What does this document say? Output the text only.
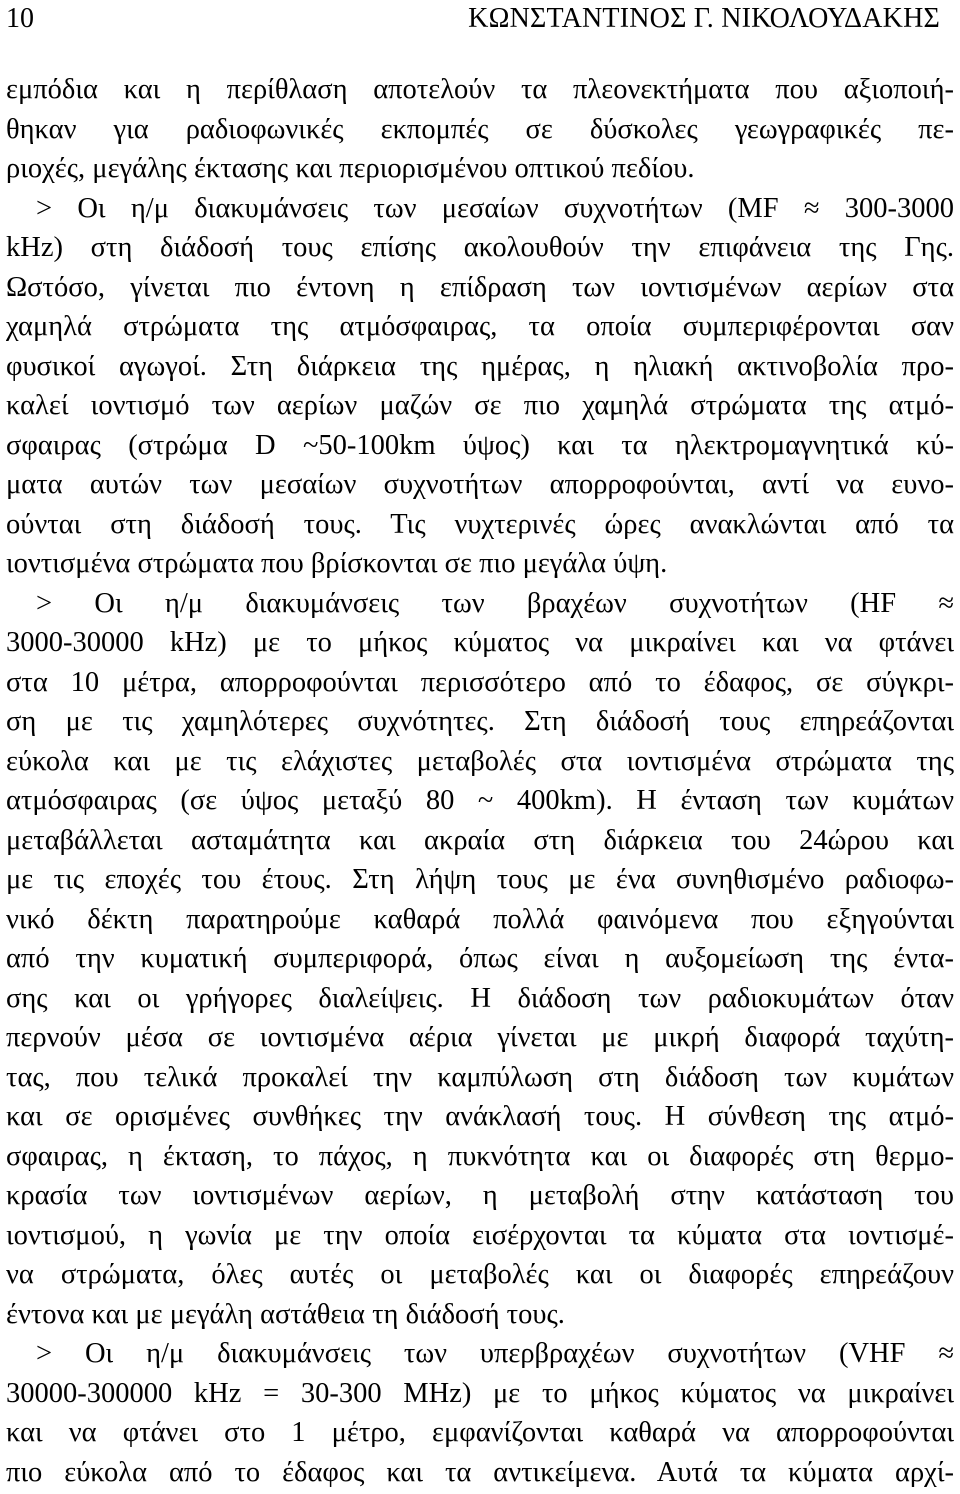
10	ΚΩΝΣΤΑΝΤΙΝΟΣ Γ. ΝΙΚΟΛΟΥΔΑΚΗΣ
εμπόδια και η περίθλαση αποτελούν τα πλεονεκτήματα που αξιοποιή-
θηκαν για ραδιοφωνικές εκπομπές σε δύσκολες γεωγραφικές πε-
ριοχές, μεγάλης έκτασης και περιορισμένου οπτικού πεδίου.
> Οι η/μ διακυμάνσεις των μεσαίων συχνοτήτων (MF ≈ 300-3000
kHz) στη διάδοσή τους επίσης ακολουθούν την επιφάνεια της Γης.
Ωστόσο, γίνεται πιο έντονη η επίδραση των ιοντισμένων αερίων στα
χαμηλά στρώματα της ατμόσφαιρας, τα οποία συμπεριφέρονται σαν
φυσικοί αγωγοί. Στη διάρκεια της ημέρας, η ηλιακή ακτινοβολία προ-
καλεί ιοντισμό των αερίων μαζών σε πιο χαμηλά στρώματα της ατμό-
σφαιρας (στρώμα D ~50-100km ύψος) και τα ηλεκτρομαγνητικά κύ-
ματα αυτών των μεσαίων συχνοτήτων απορροφούνται, αντί να ευνο-
ούνται στη διάδοσή τους. Τις νυχτερινές ώρες ανακλώνται από τα
ιοντισμένα στρώματα που βρίσκονται σε πιο μεγάλα ύψη.
> Οι η/μ διακυμάνσεις των βραχέων συχνοτήτων (HF ≈
3000-30000 kHz) με το μήκος κύματος να μικραίνει και να φτάνει
στα 10 μέτρα, απορροφούνται περισσότερο από το έδαφος, σε σύγκρι-
ση με τις χαμηλότερες συχνότητες. Στη διάδοσή τους επηρεάζονται
εύκολα και με τις ελάχιστες μεταβολές στα ιοντισμένα στρώματα της
ατμόσφαιρας (σε ύψος μεταξύ 80 ~ 400km). Η ένταση των κυμάτων
μεταβάλλεται ασταμάτητα και ακραία στη διάρκεια του 24ώρου και
με τις εποχές του έτους. Στη λήψη τους με ένα συνηθισμένο ραδιοφω-
νικό δέκτη παρατηρούμε καθαρά πολλά φαινόμενα που εξηγούνται
από την κυματική συμπεριφορά, όπως είναι η αυξομείωση της έντα-
σης και οι γρήγορες διαλείψεις. Η διάδοση των ραδιοκυμάτων όταν
περνούν μέσα σε ιοντισμένα αέρια γίνεται με μικρή διαφορά ταχύτη-
τας, που τελικά προκαλεί την καμπύλωση στη διάδοση των κυμάτων
και σε ορισμένες συνθήκες την ανάκλασή τους. Η σύνθεση της ατμό-
σφαιρας, η έκταση, το πάχος, η πυκνότητα και οι διαφορές στη θερμο-
κρασία των ιοντισμένων αερίων, η μεταβολή στην κατάσταση του
ιοντισμού, η γωνία με την οποία εισέρχονται τα κύματα στα ιοντισμέ-
να στρώματα, όλες αυτές οι μεταβολές και οι διαφορές επηρεάζουν
έντονα και με μεγάλη αστάθεια τη διάδοσή τους.
> Οι η/μ διακυμάνσεις των υπερβραχέων συχνοτήτων (VHF ≈
30000-300000 kHz = 30-300 MHz) με το μήκος κύματος να μικραίνει
και να φτάνει στο 1 μέτρο, εμφανίζονται καθαρά να απορροφούνται
πιο εύκολα από το έδαφος και τα αντικείμενα. Αυτά τα κύματα αρχί-
